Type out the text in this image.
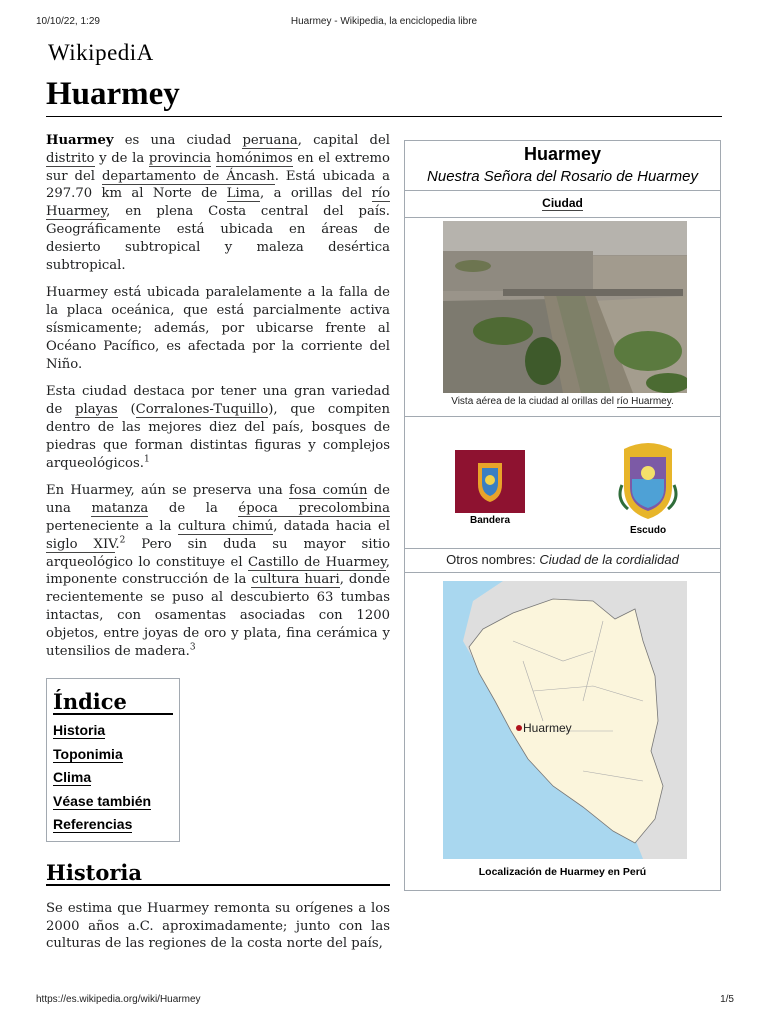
10/10/22, 1:29	Huarmey - Wikipedia, la enciclopedia libre
WikipediA
Huarmey

Huarmey es una ciudad peruana, capital del distrito y de la provincia homónimos en el extremo sur del departamento de Áncash. Está ubicada a 297.70 km al Norte de Lima, a orillas del río Huarmey, en plena Costa central del país. Geográficamente está ubicada en áreas de desierto subtropical y maleza desértica subtropical.

Huarmey está ubicada paralelamente a la falla de la placa oceánica, que está parcialmente activa sísmicamente; además, por ubicarse frente al Océano Pacífico, es afectada por la corriente del Niño.

Esta ciudad destaca por tener una gran variedad de playas (Corralones-Tuquillo), que compiten dentro de las mejores diez del país, bosques de piedras que forman distintas figuras y complejos arqueológicos.$^1$

En Huarmey, aún se preserva una fosa común de una matanza de la época precolombina perteneciente a la cultura chimú, datada hacia el siglo XIV.$^2$ Pero sin duda su mayor sitio arqueológico lo constituye el Castillo de Huarmey, imponente construcción de la cultura huari, donde recientemente se puso al descubierto 63 tumbas intactas, con osamentas asociadas con 1200 objetos, entre joyas de oro y plata, fina cerámica y utensilios de madera.$^3$

Índice
Historia
Toponimia
Clima
Véase también
Referencias
Historia

Se estima que Huarmey remonta su orígenes a los 2000 años a.C. aproximadamente; junto con las culturas de las regiones de la costa norte del país,

Huarmey
Nuestra Señora del Rosario de Huarmey
Ciudad
Vista aérea de la ciudad al orillas del río Huarmey.
Bandera
Escudo
Otros nombres: Ciudad de la cordialidad
Huarmey
Localización de Huarmey en Perú
https://es.wikipedia.org/wiki/Huarmey	1/5
